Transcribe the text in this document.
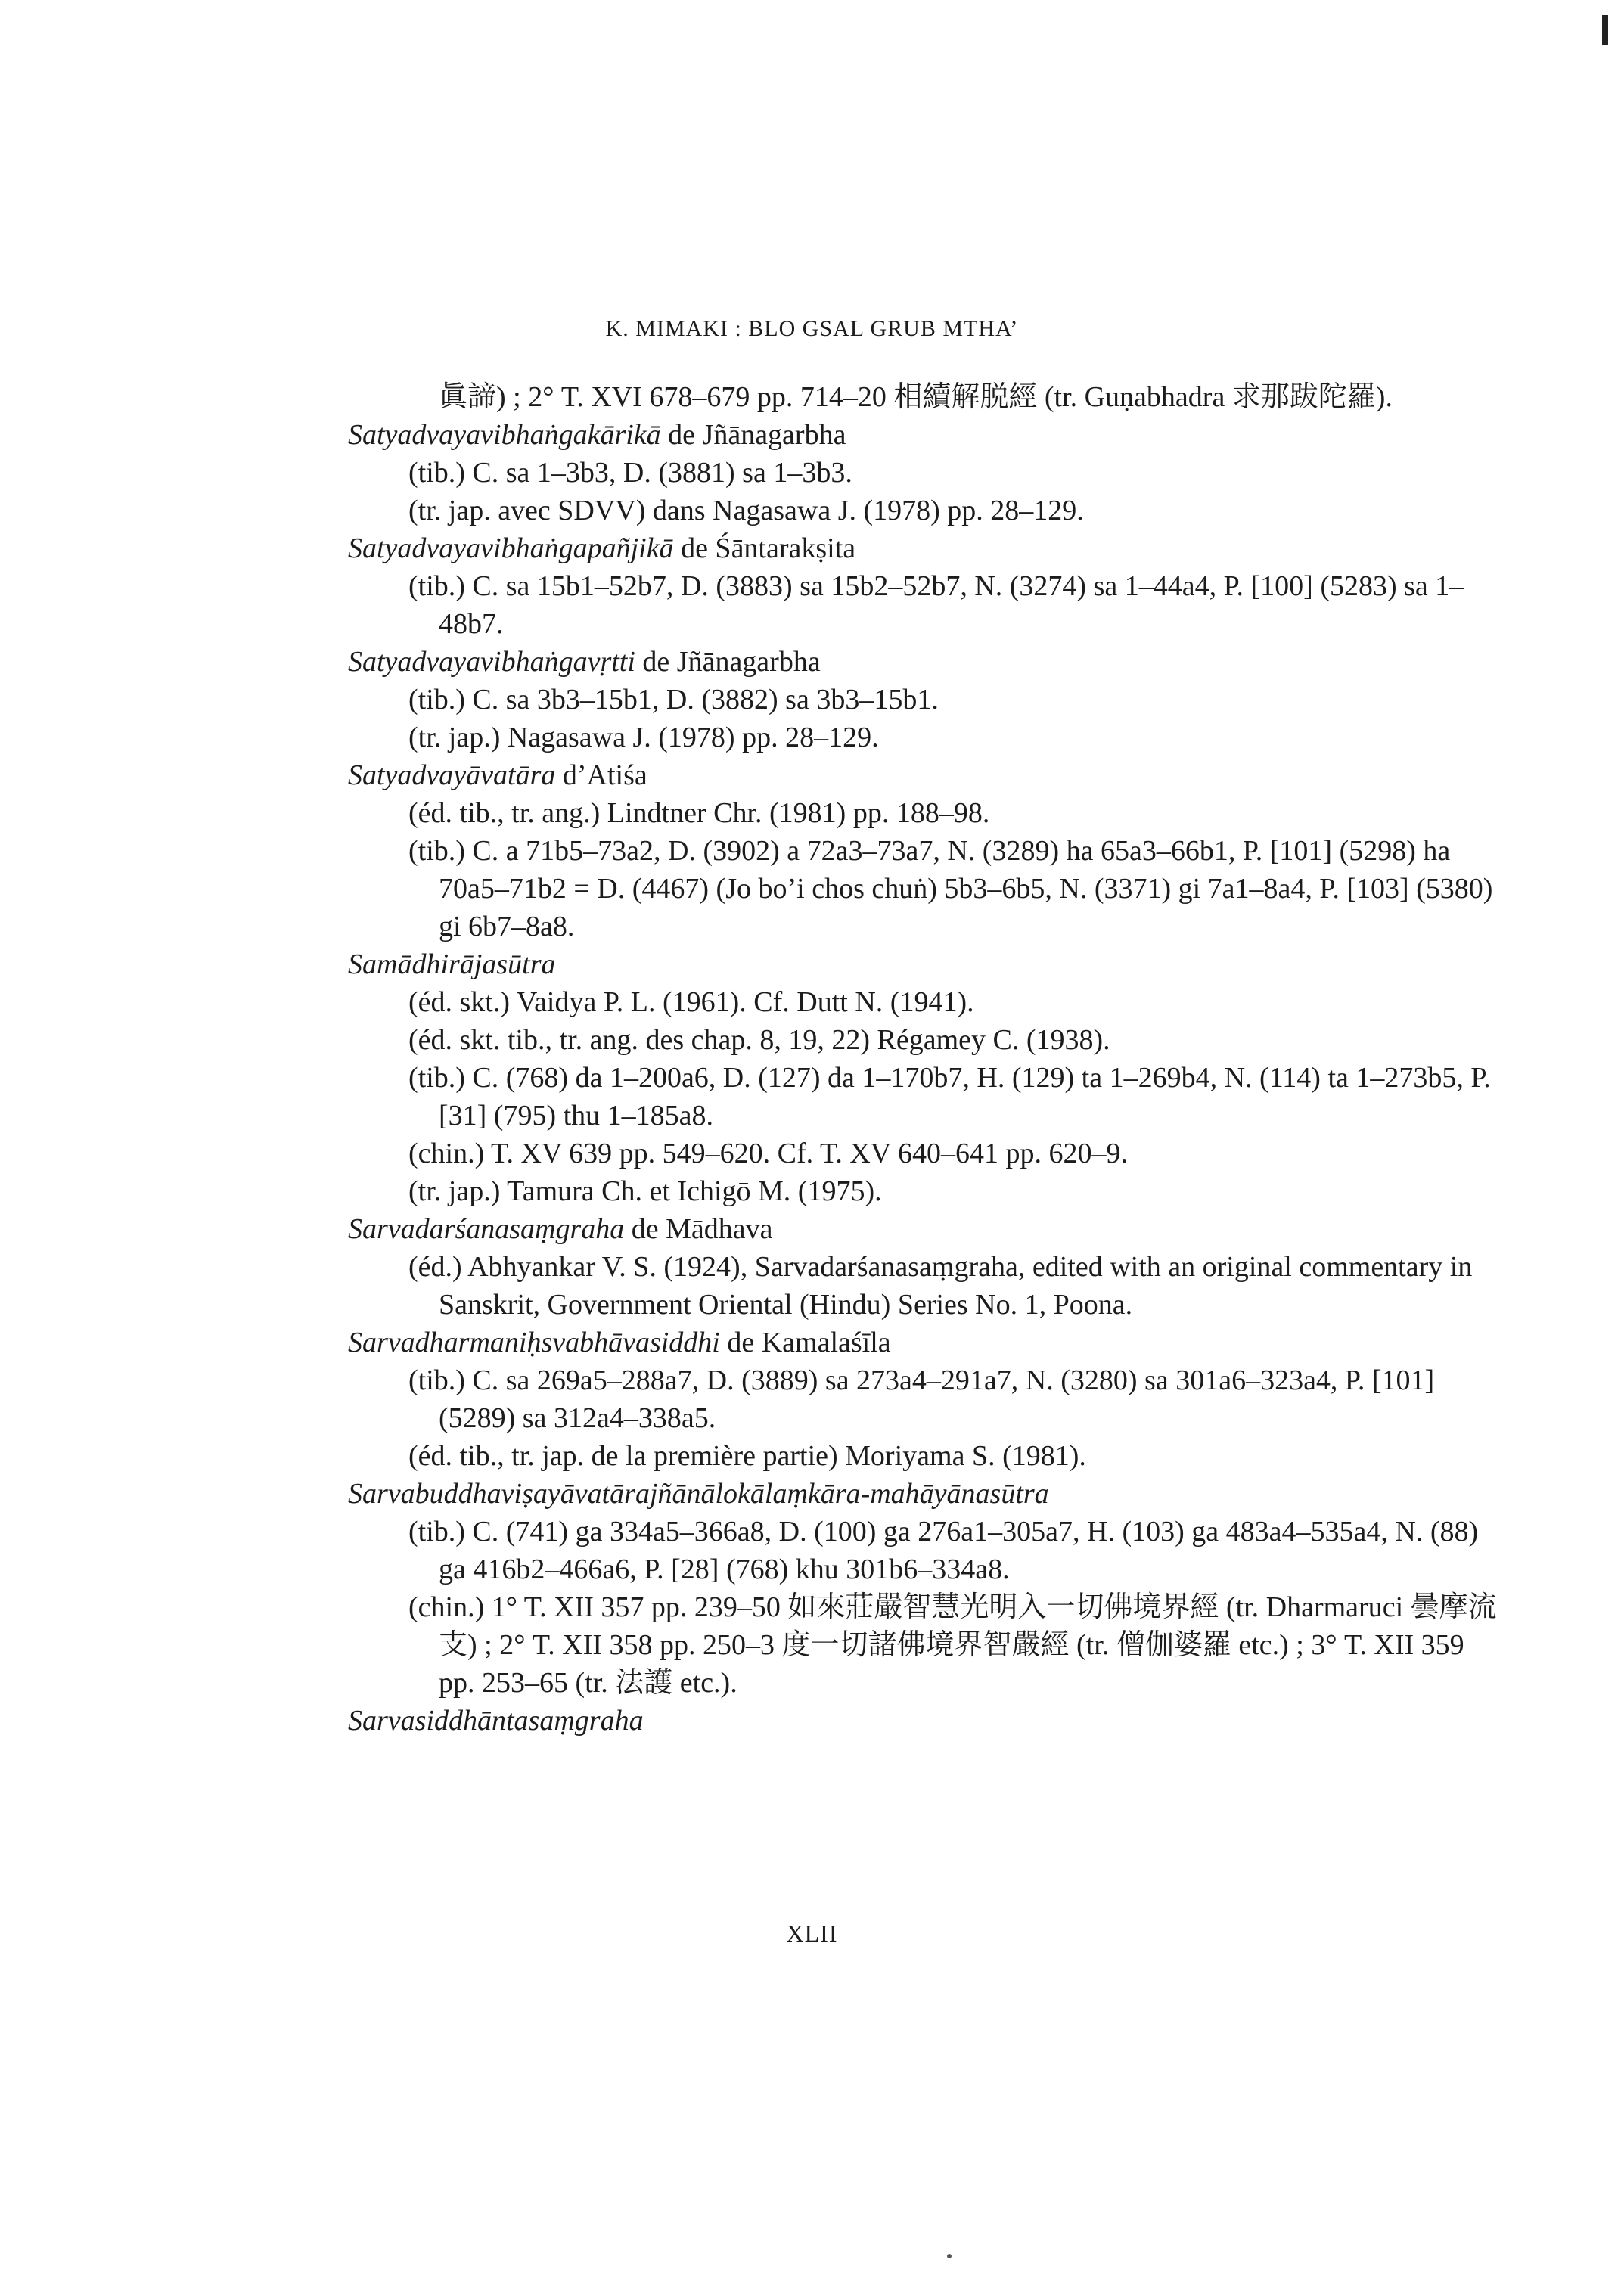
K. MIMAKI : BLO GSAL GRUB MTHA’

眞諦) ; 2° T. XVI 678–679 pp. 714–20 相續解脱經 (tr. Guṇabhadra 求那跋陀羅).

Satyadvayavibhaṅgakārikā de Jñānagarbha

(tib.) C. sa 1–3b3, D. (3881) sa 1–3b3.

(tr. jap. avec SDVV) dans Nagasawa J. (1978) pp. 28–129.

Satyadvayavibhaṅgapañjikā de Śāntarakṣita

(tib.) C. sa 15b1–52b7, D. (3883) sa 15b2–52b7, N. (3274) sa 1–44a4, P. [100] (5283) sa 1–48b7.

Satyadvayavibhaṅgavṛtti de Jñānagarbha

(tib.) C. sa 3b3–15b1, D. (3882) sa 3b3–15b1.

(tr. jap.) Nagasawa J. (1978) pp. 28–129.

Satyadvayāvatāra d’Atiśa

(éd. tib., tr. ang.) Lindtner Chr. (1981) pp. 188–98.

(tib.) C. a 71b5–73a2, D. (3902) a 72a3–73a7, N. (3289) ha 65a3–66b1, P. [101] (5298) ha 70a5–71b2 = D. (4467) (Jo bo’i chos chuṅ) 5b3–6b5, N. (3371) gi 7a1–8a4, P. [103] (5380) gi 6b7–8a8.

Samādhirājasūtra

(éd. skt.) Vaidya P. L. (1961). Cf. Dutt N. (1941).

(éd. skt. tib., tr. ang. des chap. 8, 19, 22) Régamey C. (1938).

(tib.) C. (768) da 1–200a6, D. (127) da 1–170b7, H. (129) ta 1–269b4, N. (114) ta 1–273b5, P. [31] (795) thu 1–185a8.

(chin.) T. XV 639 pp. 549–620. Cf. T. XV 640–641 pp. 620–9.

(tr. jap.) Tamura Ch. et Ichigō M. (1975).

Sarvadarśanasaṃgraha de Mādhava

(éd.) Abhyankar V. S. (1924), Sarvadarśanasaṃgraha, edited with an original commentary in Sanskrit, Government Oriental (Hindu) Series No. 1, Poona.

Sarvadharmaniḥsvabhāvasiddhi de Kamalaśīla

(tib.) C. sa 269a5–288a7, D. (3889) sa 273a4–291a7, N. (3280) sa 301a6–323a4, P. [101] (5289) sa 312a4–338a5.

(éd. tib., tr. jap. de la première partie) Moriyama S. (1981).

Sarvabuddhaviṣayāvatārajñānālokālaṃkāra-mahāyānasūtra

(tib.) C. (741) ga 334a5–366a8, D. (100) ga 276a1–305a7, H. (103) ga 483a4–535a4, N. (88) ga 416b2–466a6, P. [28] (768) khu 301b6–334a8.

(chin.) 1° T. XII 357 pp. 239–50 如來莊嚴智慧光明入一切佛境界經 (tr. Dharmaruci 曇摩流支) ; 2° T. XII 358 pp. 250–3 度一切諸佛境界智嚴經 (tr. 僧伽婆羅 etc.) ; 3° T. XII 359 pp. 253–65 (tr. 法護 etc.).

Sarvasiddhāntasaṃgraha
XLII
